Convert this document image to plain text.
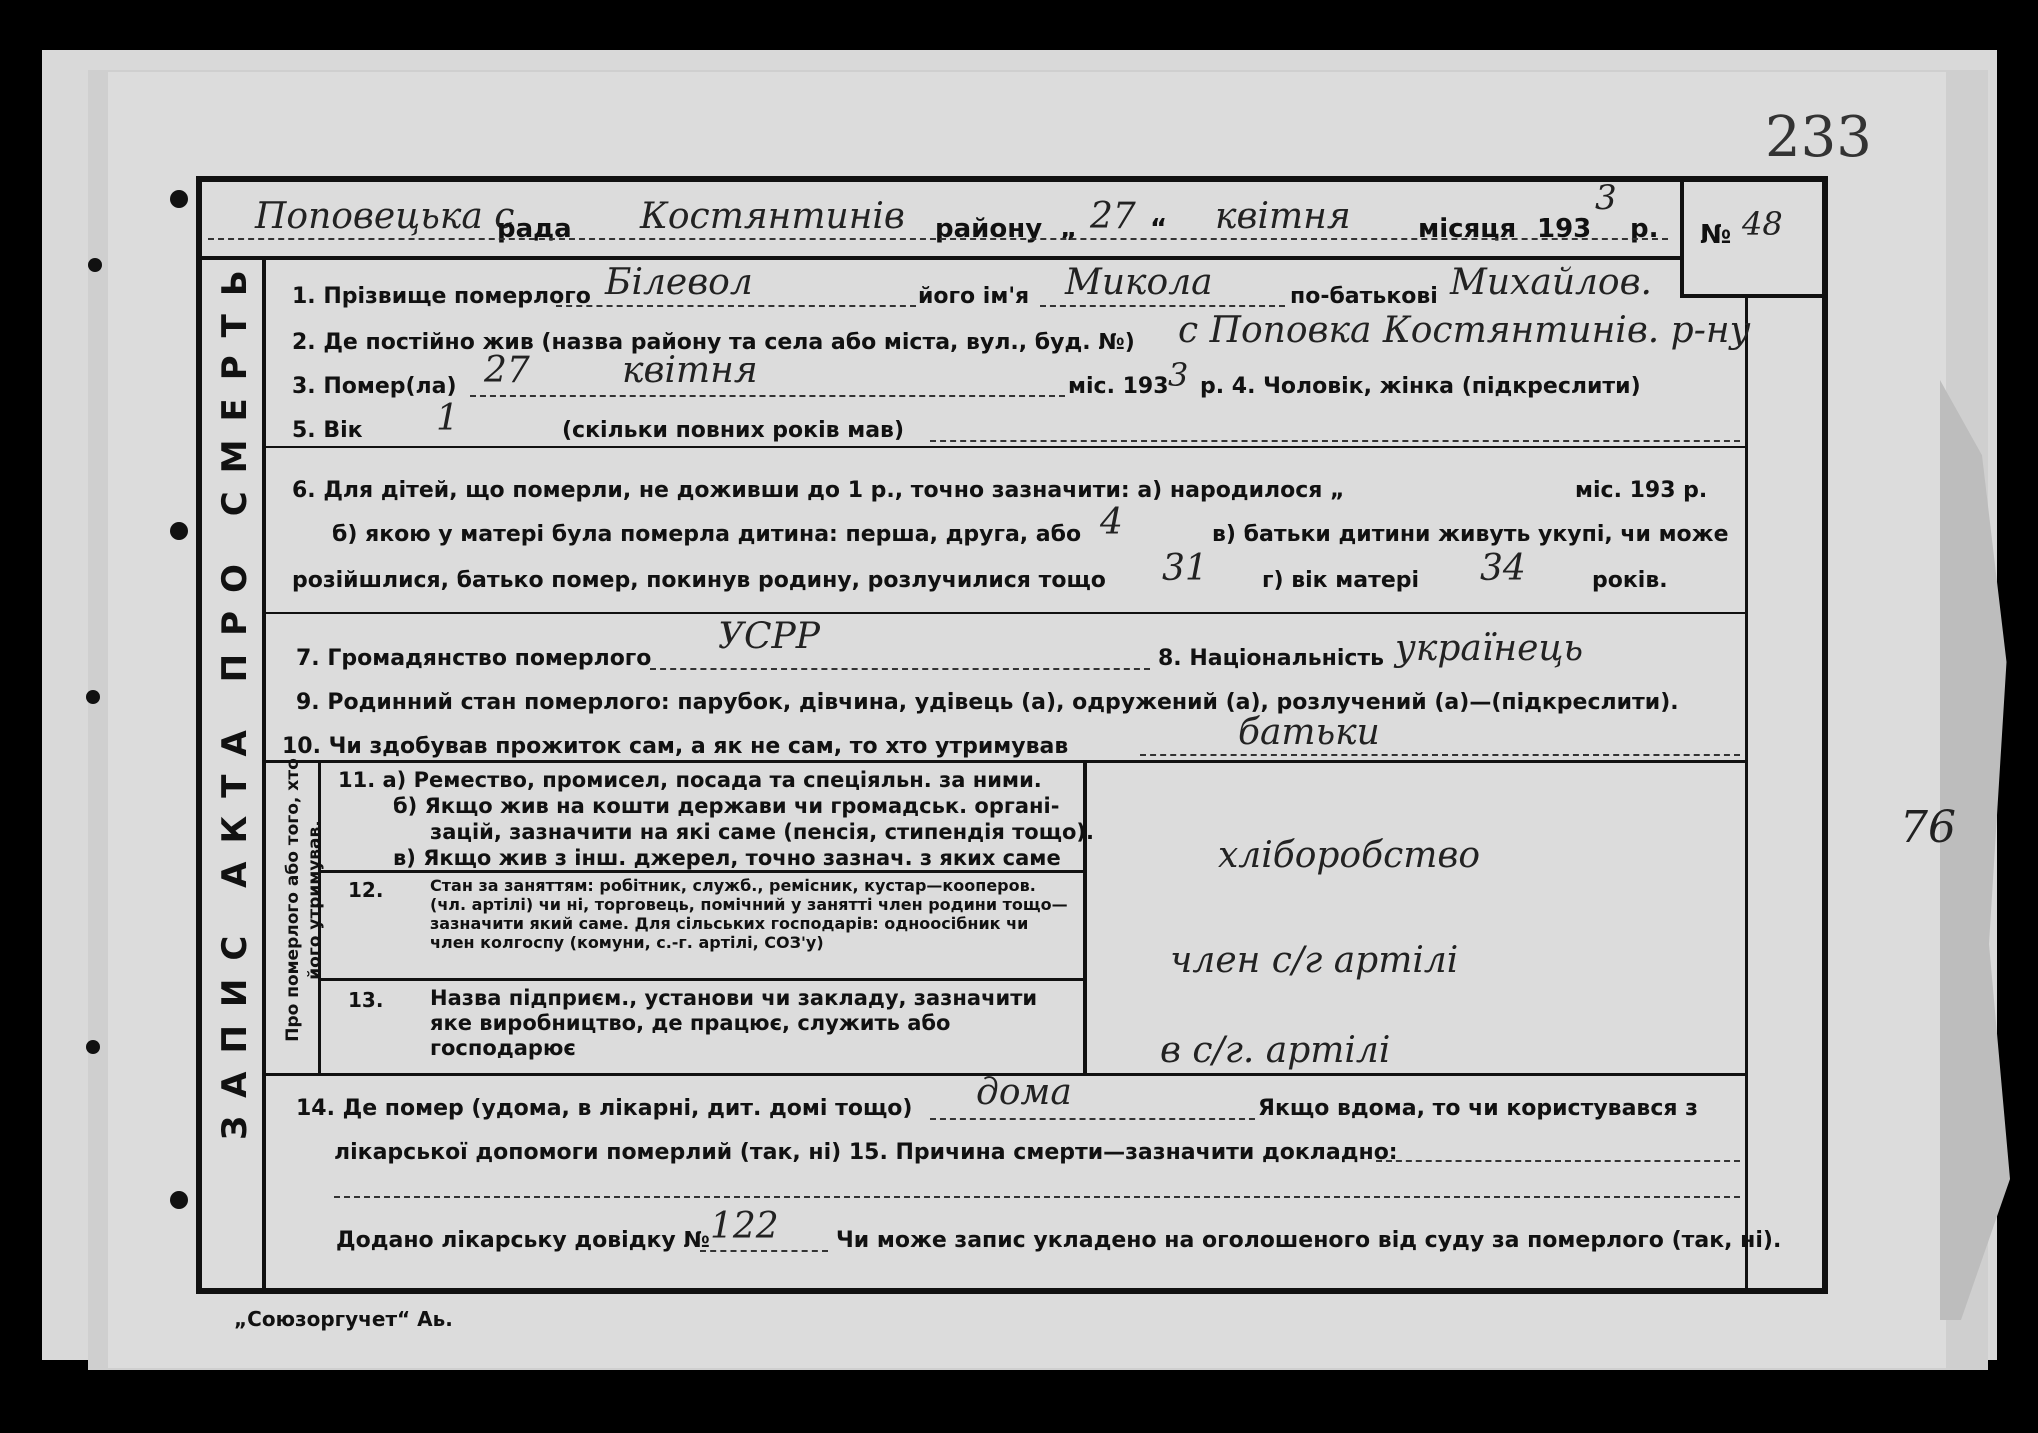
233
76
Поповецька с
рада Костянтинів району „ 27 “ квітня	місяця 193
3
р. № 48
ЗАПИС АКТА ПРО СМЕРТЬ Про померлого або того, хто його утримував.
1. Прізвище померлого Білевол	його ім'я Микола	по-батькові Михайлов.
2. Де постійно жив (назва району та села або міста, вул., буд. №) с Поповка Костянтинів. р-ну
3. Помер(ла) 27	квітня	міс. 193 3 р. 4. Чоловік, жінка (підкреслити)
5. Вік 1	(скільки повних років мав)
6. Для дітей, що померли, не доживши до 1 р., точно зазначити: а) народилося „	міс. 193 р.
б) якою у матері була померла дитина: перша, друга, або 4	в) батьки дитини живуть укупі, чи може
розійшлися, батько помер, покинув родину, розлучилися тощо 31 г) вік матері 34	років.
7. Громадянство померлого
УСРР
8. Національність українець
9. Родинний стан померлого: парубок, дівчина, удівець (а), одружений (а), розлучений (а)—(підкреслити).
10. Чи здобував прожиток сам, а як не сам, то хто утримував	батьки
11. а) Ремество, промисел, посада та спеціяльн. за ними.
б) Якщо жив на кошти держави чи громадськ. органі-
зацій, зазначити на які саме (пенсія, стипендія тощо).
в) Якщо жив з інш. джерел, точно зазнач. з яких саме	хліборобство
12.	Стан за заняттям: робітник, служб., ремісник, кустар—кооперов. (чл. артілі) чи ні, торговець, помічний у занятті член родини тощо—зазначити який саме. Для сільських господарів: одноосібник чи член колгоспу (комуни, с.-г. артілі, СОЗ'у)	член с/г артілі
13. Назва підприєм., установи чи закладу, зазначити яке виробництво, де працює, служить або господарює	в с/г. артілі
14. Де помер (удома, в лікарні, дит. домі тощо) дома	Якщо вдома, то чи користувався з
лікарської допомоги померлий (так, ні) 15. Причина смерти—зазначити докладно:
Додано лікарську довідку № 122	Чи може запис укладено на оголошеного від суду за померлого (так, ні).
„Союзоргучет“ Аь.
